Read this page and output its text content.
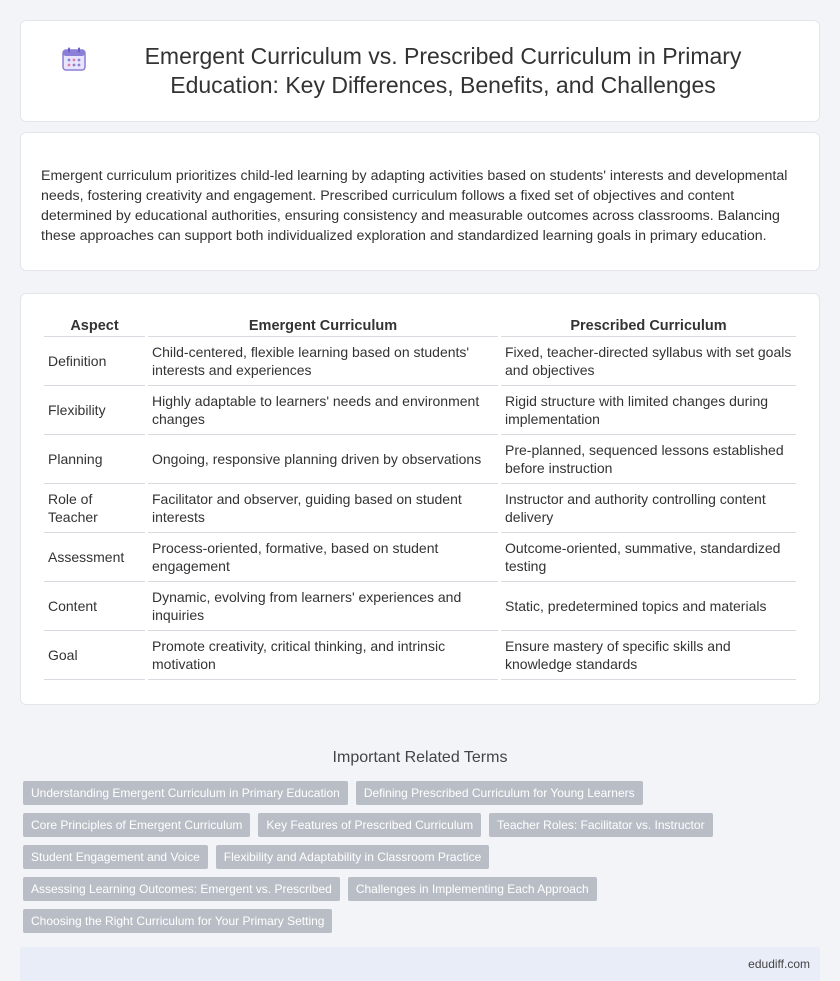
Emergent Curriculum vs. Prescribed Curriculum in Primary Education: Key Differences, Benefits, and Challenges

Emergent curriculum prioritizes child-led learning by adapting activities based on students' interests and developmental needs, fostering creativity and engagement. Prescribed curriculum follows a fixed set of objectives and content determined by educational authorities, ensuring consistency and measurable outcomes across classrooms. Balancing these approaches can support both individualized exploration and standardized learning goals in primary education.

Aspect	Emergent Curriculum	Prescribed Curriculum
Definition	Child-centered, flexible learning based on students' interests and experiences	Fixed, teacher-directed syllabus with set goals and objectives
Flexibility	Highly adaptable to learners' needs and environment changes	Rigid structure with limited changes during implementation
Planning	Ongoing, responsive planning driven by observations	Pre-planned, sequenced lessons established before instruction
Role of Teacher	Facilitator and observer, guiding based on student interests	Instructor and authority controlling content delivery
Assessment	Process-oriented, formative, based on student engagement	Outcome-oriented, summative, standardized testing
Content	Dynamic, evolving from learners' experiences and inquiries	Static, predetermined topics and materials
Goal	Promote creativity, critical thinking, and intrinsic motivation	Ensure mastery of specific skills and knowledge standards
Important Related Terms
Understanding Emergent Curriculum in Primary Education	Defining Prescribed Curriculum for Young Learners
Core Principles of Emergent Curriculum	Key Features of Prescribed Curriculum	Teacher Roles: Facilitator vs. Instructor
Student Engagement and Voice	Flexibility and Adaptability in Classroom Practice
Assessing Learning Outcomes: Emergent vs. Prescribed	Challenges in Implementing Each Approach
Choosing the Right Curriculum for Your Primary Setting
edudiff.com
